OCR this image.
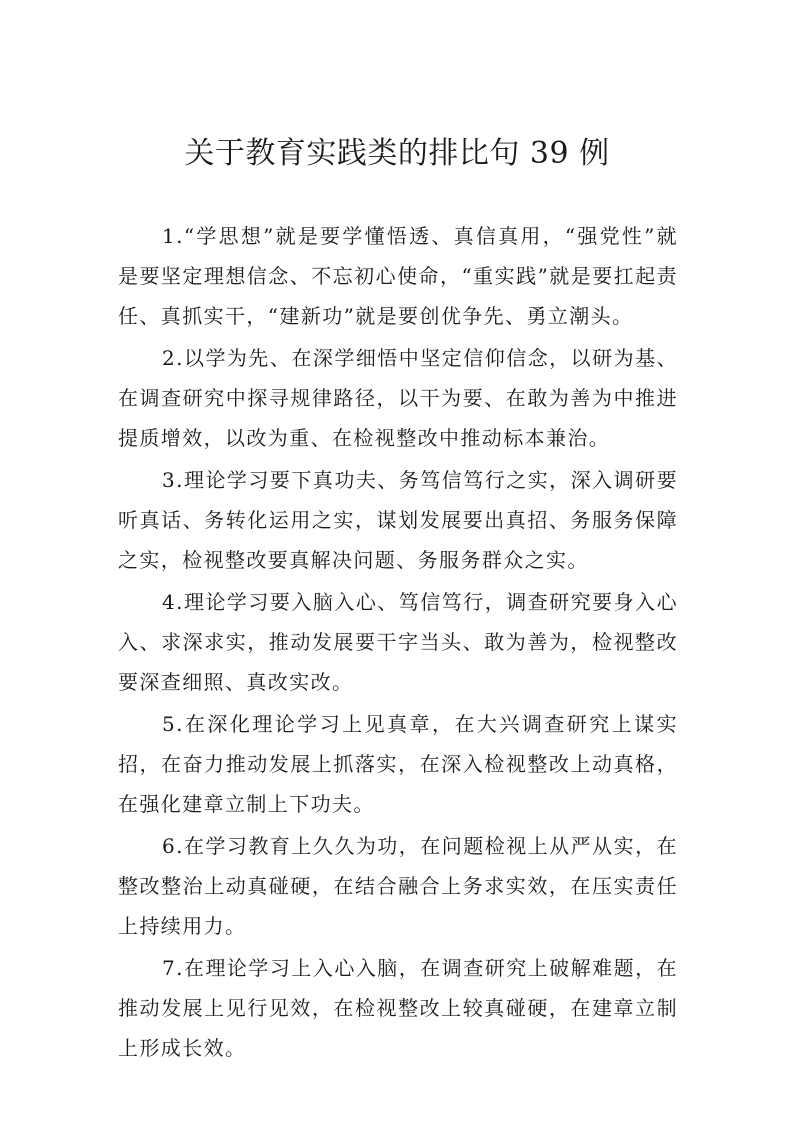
关于教育实践类的排比句 39 例

1.“学思想”就是要学懂悟透、真信真用，“强党性”就是要坚定理想信念、不忘初心使命，“重实践”就是要扛起责任、真抓实干，“建新功”就是要创优争先、勇立潮头。

2.以学为先、在深学细悟中坚定信仰信念，以研为基、在调查研究中探寻规律路径，以干为要、在敢为善为中推进提质增效，以改为重、在检视整改中推动标本兼治。

3.理论学习要下真功夫、务笃信笃行之实，深入调研要听真话、务转化运用之实，谋划发展要出真招、务服务保障之实，检视整改要真解决问题、务服务群众之实。

4.理论学习要入脑入心、笃信笃行，调查研究要身入心入、求深求实，推动发展要干字当头、敢为善为，检视整改要深查细照、真改实改。

5.在深化理论学习上见真章，在大兴调查研究上谋实招，在奋力推动发展上抓落实，在深入检视整改上动真格，在强化建章立制上下功夫。

6.在学习教育上久久为功，在问题检视上从严从实，在整改整治上动真碰硬，在结合融合上务求实效，在压实责任上持续用力。

7.在理论学习上入心入脑，在调查研究上破解难题，在推动发展上见行见效，在检视整改上较真碰硬，在建章立制上形成长效。
